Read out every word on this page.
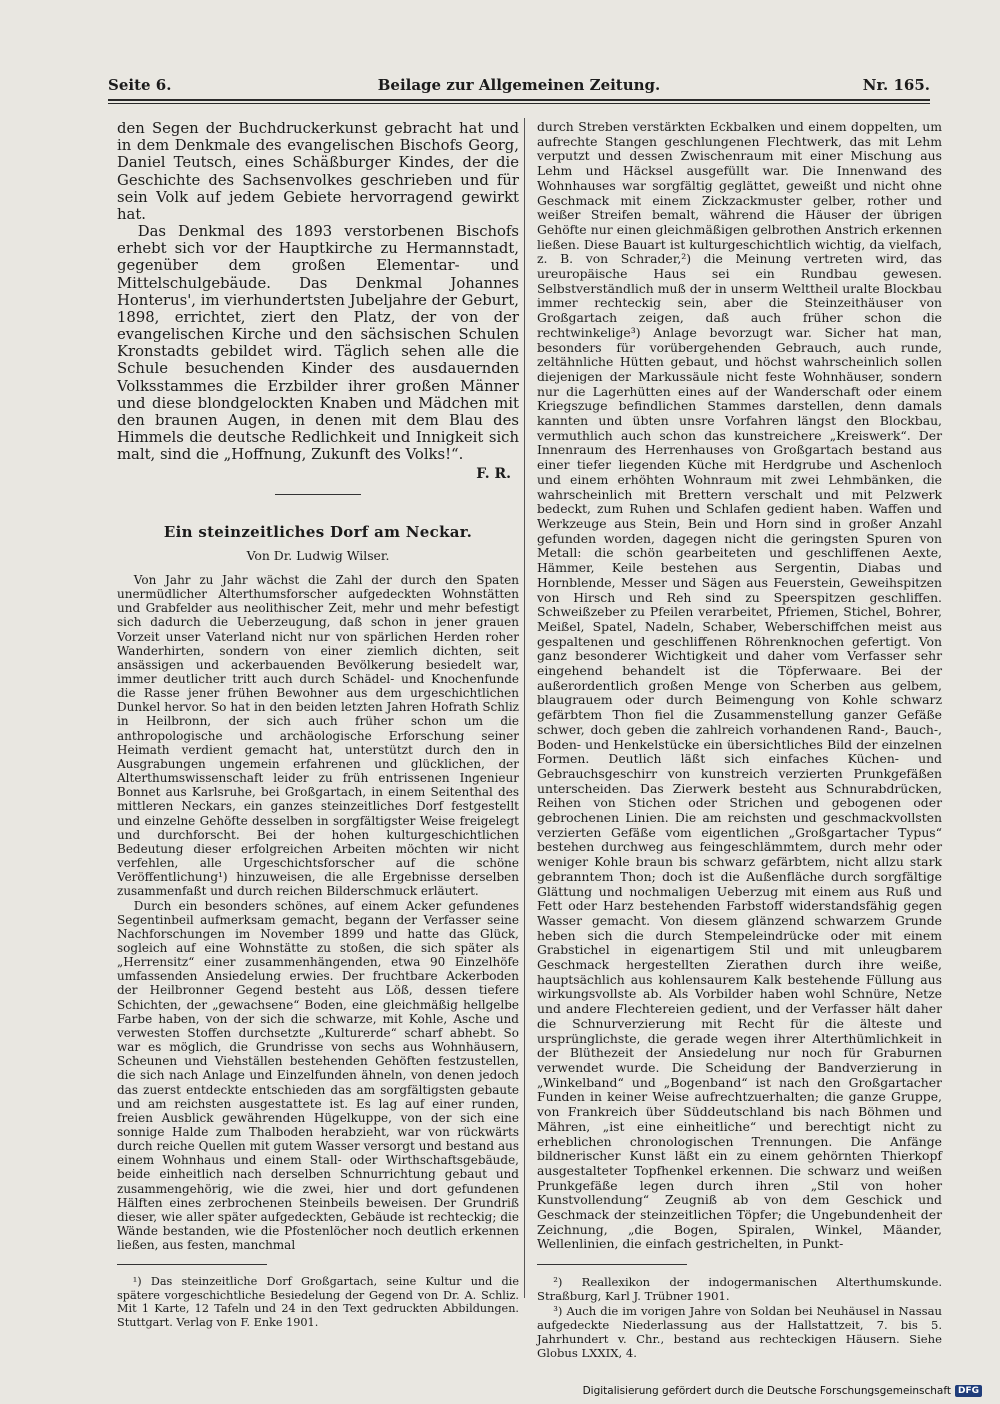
Seite 6.	Beilage zur Allgemeinen Zeitung.	Nr. 165.

den Segen der Buchdruckerkunst gebracht hat und in dem Denkmale des evangelischen Bischofs Georg, Daniel Teutsch, eines Schäßburger Kindes, der die Geschichte des Sachsenvolkes geschrieben und für sein Volk auf jedem Gebiete hervorragend gewirkt hat.

Das Denkmal des 1893 verstorbenen Bischofs erhebt sich vor der Hauptkirche zu Hermannstadt, gegenüber dem großen Elementar- und Mittelschulgebäude. Das Denkmal Johannes Honterus', im vierhundertsten Jubeljahre der Geburt, 1898, errichtet, ziert den Platz, der von der evangelischen Kirche und den sächsischen Schulen Kronstadts gebildet wird. Täglich sehen alle die Schule besuchenden Kinder des ausdauernden Volksstammes die Erzbilder ihrer großen Männer und diese blondgelockten Knaben und Mädchen mit den braunen Augen, in denen mit dem Blau des Himmels die deutsche Redlichkeit und Innigkeit sich malt, sind die „Hoffnung, Zukunft des Volks!“.

F. R.
Ein steinzeitliches Dorf am Neckar.
Von Dr. Ludwig Wilser.

Von Jahr zu Jahr wächst die Zahl der durch den Spaten unermüdlicher Alterthumsforscher aufgedeckten Wohnstätten und Grabfelder aus neolithischer Zeit, mehr und mehr befestigt sich dadurch die Ueberzeugung, daß schon in jener grauen Vorzeit unser Vaterland nicht nur von spärlichen Herden roher Wanderhirten, sondern von einer ziemlich dichten, seit ansässigen und ackerbauenden Bevölkerung besiedelt war, immer deutlicher tritt auch durch Schädel- und Knochenfunde die Rasse jener frühen Bewohner aus dem urgeschichtlichen Dunkel hervor. So hat in den beiden letzten Jahren Hofrath Schliz in Heilbronn, der sich auch früher schon um die anthropologische und archäologische Erforschung seiner Heimath verdient gemacht hat, unterstützt durch den in Ausgrabungen ungemein erfahrenen und glücklichen, der Alterthumswissenschaft leider zu früh entrissenen Ingenieur Bonnet aus Karlsruhe, bei Großgartach, in einem Seitenthal des mittleren Neckars, ein ganzes steinzeitliches Dorf festgestellt und einzelne Gehöfte desselben in sorgfältigster Weise freigelegt und durchforscht. Bei der hohen kulturgeschichtlichen Bedeutung dieser erfolgreichen Arbeiten möchten wir nicht verfehlen, alle Urgeschichtsforscher auf die schöne Veröffentlichung¹) hinzuweisen, die alle Ergebnisse derselben zusammenfaßt und durch reichen Bilderschmuck erläutert.

Durch ein besonders schönes, auf einem Acker gefundenes Segentinbeil aufmerksam gemacht, begann der Verfasser seine Nachforschungen im November 1899 und hatte das Glück, sogleich auf eine Wohnstätte zu stoßen, die sich später als „Herrensitz“ einer zusammenhängenden, etwa 90 Einzelhöfe umfassenden Ansiedelung erwies. Der fruchtbare Ackerboden der Heilbronner Gegend besteht aus Löß, dessen tiefere Schichten, der „gewachsene“ Boden, eine gleichmäßig hellgelbe Farbe haben, von der sich die schwarze, mit Kohle, Asche und verwesten Stoffen durchsetzte „Kulturerde“ scharf abhebt. So war es möglich, die Grundrisse von sechs aus Wohnhäusern, Scheunen und Viehställen bestehenden Gehöften festzustellen, die sich nach Anlage und Einzelfunden ähneln, von denen jedoch das zuerst entdeckte entschieden das am sorgfältigsten gebaute und am reichsten ausgestattete ist. Es lag auf einer runden, freien Ausblick gewährenden Hügelkuppe, von der sich eine sonnige Halde zum Thalboden herabzieht, war von rückwärts durch reiche Quellen mit gutem Wasser versorgt und bestand aus einem Wohnhaus und einem Stall- oder Wirthschaftsgebäude, beide einheitlich nach derselben Schnurrichtung gebaut und zusammengehörig, wie die zwei, hier und dort gefundenen Hälften eines zerbrochenen Steinbeils beweisen. Der Grundriß dieser, wie aller später aufgedeckten, Gebäude ist rechteckig; die Wände bestanden, wie die Pfostenlöcher noch deutlich erkennen ließen, aus festen, manchmal

¹) Das steinzeitliche Dorf Großgartach, seine Kultur und die spätere vorgeschichtliche Besiedelung der Gegend von Dr. A. Schliz. Mit 1 Karte, 12 Tafeln und 24 in den Text gedruckten Abbildungen. Stuttgart. Verlag von F. Enke 1901.

durch Streben verstärkten Eckbalken und einem doppelten, um aufrechte Stangen geschlungenen Flechtwerk, das mit Lehm verputzt und dessen Zwischenraum mit einer Mischung aus Lehm und Häcksel ausgefüllt war. Die Innenwand des Wohnhauses war sorgfältig geglättet, geweißt und nicht ohne Geschmack mit einem Zickzackmuster gelber, rother und weißer Streifen bemalt, während die Häuser der übrigen Gehöfte nur einen gleichmäßigen gelbrothen Anstrich erkennen ließen. Diese Bauart ist kulturgeschichtlich wichtig, da vielfach, z. B. von Schrader,²) die Meinung vertreten wird, das ureuropäische Haus sei ein Rundbau gewesen. Selbstverständlich muß der in unserm Welttheil uralte Blockbau immer rechteckig sein, aber die Steinzeithäuser von Großgartach zeigen, daß auch früher schon die rechtwinkelige³) Anlage bevorzugt war. Sicher hat man, besonders für vorübergehenden Gebrauch, auch runde, zeltähnliche Hütten gebaut, und höchst wahrscheinlich sollen diejenigen der Markussäule nicht feste Wohnhäuser, sondern nur die Lagerhütten eines auf der Wanderschaft oder einem Kriegszuge befindlichen Stammes darstellen, denn damals kannten und übten unsre Vorfahren längst den Blockbau, vermuthlich auch schon das kunstreichere „Kreiswerk“. Der Innenraum des Herrenhauses von Großgartach bestand aus einer tiefer liegenden Küche mit Herdgrube und Aschenloch und einem erhöhten Wohnraum mit zwei Lehmbänken, die wahrscheinlich mit Brettern verschalt und mit Pelzwerk bedeckt, zum Ruhen und Schlafen gedient haben. Waffen und Werkzeuge aus Stein, Bein und Horn sind in großer Anzahl gefunden worden, dagegen nicht die geringsten Spuren von Metall: die schön gearbeiteten und geschliffenen Aexte, Hämmer, Keile bestehen aus Sergentin, Diabas und Hornblende, Messer und Sägen aus Feuerstein, Geweihspitzen von Hirsch und Reh sind zu Speerspitzen geschliffen. Schweißzeber zu Pfeilen verarbeitet, Pfriemen, Stichel, Bohrer, Meißel, Spatel, Nadeln, Schaber, Weberschiffchen meist aus gespaltenen und geschliffenen Röhrenknochen gefertigt. Von ganz besonderer Wichtigkeit und daher vom Verfasser sehr eingehend behandelt ist die Töpferwaare. Bei der außerordentlich großen Menge von Scherben aus gelbem, blaugrauem oder durch Beimengung von Kohle schwarz gefärbtem Thon fiel die Zusammenstellung ganzer Gefäße schwer, doch geben die zahlreich vorhandenen Rand-, Bauch-, Boden- und Henkelstücke ein übersichtliches Bild der einzelnen Formen. Deutlich läßt sich einfaches Küchen- und Gebrauchsgeschirr von kunstreich verzierten Prunkgefäßen unterscheiden. Das Zierwerk besteht aus Schnurabdrücken, Reihen von Stichen oder Strichen und gebogenen oder gebrochenen Linien. Die am reichsten und geschmackvollsten verzierten Gefäße vom eigentlichen „Großgartacher Typus“ bestehen durchweg aus feingeschlämmtem, durch mehr oder weniger Kohle braun bis schwarz gefärbtem, nicht allzu stark gebranntem Thon; doch ist die Außenfläche durch sorgfältige Glättung und nochmaligen Ueberzug mit einem aus Ruß und Fett oder Harz bestehenden Farbstoff widerstandsfähig gegen Wasser gemacht. Von diesem glänzend schwarzem Grunde heben sich die durch Stempeleindrücke oder mit einem Grabstichel in eigenartigem Stil und mit unleugbarem Geschmack hergestellten Zierathen durch ihre weiße, hauptsächlich aus kohlensaurem Kalk bestehende Füllung aus wirkungsvollste ab. Als Vorbilder haben wohl Schnüre, Netze und andere Flechtereien gedient, und der Verfasser hält daher die Schnurverzierung mit Recht für die älteste und ursprünglichste, die gerade wegen ihrer Alterthümlichkeit in der Blüthezeit der Ansiedelung nur noch für Graburnen verwendet wurde. Die Scheidung der Bandverzierung in „Winkelband“ und „Bogenband“ ist nach den Großgartacher Funden in keiner Weise aufrechtzuerhalten; die ganze Gruppe, von Frankreich über Süddeutschland bis nach Böhmen und Mähren, „ist eine einheitliche“ und berechtigt nicht zu erheblichen chronologischen Trennungen. Die Anfänge bildnerischer Kunst läßt ein zu einem gehörnten Thierkopf ausgestalteter Topfhenkel erkennen. Die schwarz und weißen Prunkgefäße legen durch ihren „Stil von hoher Kunstvollendung“ Zeugniß ab von dem Geschick und Geschmack der steinzeitlichen Töpfer; die Ungebundenheit der Zeichnung, „die Bogen, Spiralen, Winkel, Mäander, Wellenlinien, die einfach gestrichelten, in Punkt-

²) Reallexikon der indogermanischen Alterthumskunde. Straßburg, Karl J. Trübner 1901.

³) Auch die im vorigen Jahre von Soldan bei Neuhäusel in Nassau aufgedeckte Niederlassung aus der Hallstattzeit, 7. bis 5. Jahrhundert v. Chr., bestand aus rechteckigen Häusern. Siehe Globus LXXIX, 4.

Digitalisierung gefördert durch die Deutsche Forschungsgemeinschaft DFG
